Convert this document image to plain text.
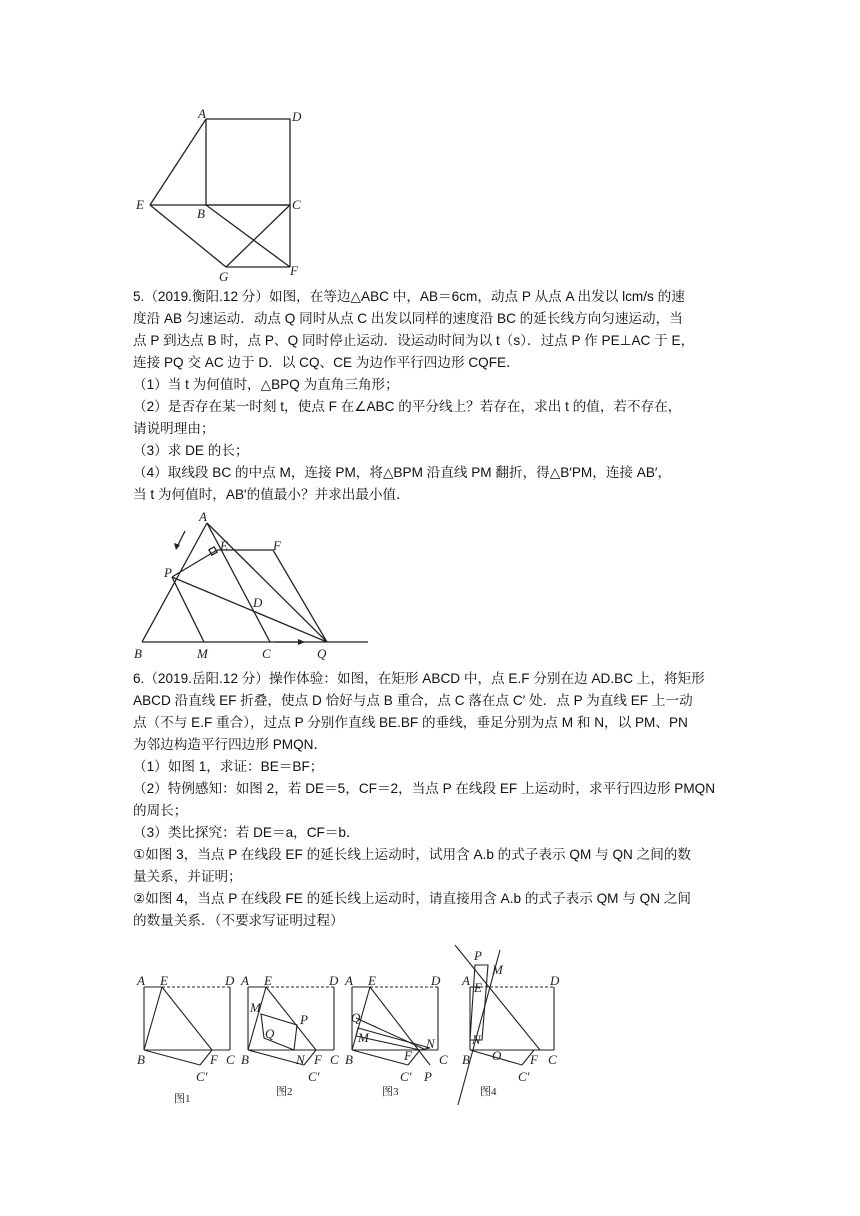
A	D
E
B
C
G	F
5.（2019.衡阳.12 分）如图，在等边△ABC 中，AB＝6cm，动点 P 从点 A 出发以 lcm/s 的速
度沿 AB 匀速运动．动点 Q 同时从点 C 出发以同样的速度沿 BC 的延长线方向匀速运动，当
点 P 到达点 B 时，点 P、Q 同时停止运动．设运动时间为以 t（s）．过点 P 作 PE⊥AC 于 E，
连接 PQ 交 AC 边于 D．以 CQ、CE 为边作平行四边形 CQFE．
（1）当 t 为何值时，△BPQ 为直角三角形；
（2）是否存在某一时刻 t，使点 F 在∠ABC 的平分线上？若存在，求出 t 的值，若不存在，
请说明理由；
（3）求 DE 的长；
（4）取线段 BC 的中点 M，连接 PM，将△BPM 沿直线 PM 翻折，得△B′PM，连接 AB′，
当 t 为何值时，AB'的值最小？并求出最小值．
A
E	F
P
D
B	M	C	Q
6.（2019.岳阳.12 分）操作体验：如图，在矩形 ABCD 中，点 E.F 分别在边 AD.BC 上，将矩形
ABCD 沿直线 EF 折叠，使点 D 恰好与点 B 重合，点 C 落在点 C′ 处．点 P 为直线 EF 上一动
点（不与 E.F 重合），过点 P 分别作直线 BE.BF 的垂线，垂足分别为点 M 和 N，以 PM、PN
为邻边构造平行四边形 PMQN．
（1）如图 1，求证：BE＝BF；
（2）特例感知：如图 2，若 DE＝5，CF＝2，当点 P 在线段 EF 上运动时，求平行四边形 PMQN
的周长；
（3）类比探究：若 DE＝a，CF＝b．
①如图 3，当点 P 在线段 EF 的延长线上运动时，试用含 A.b 的式子表示 QM 与 QN 之间的数
量关系，并证明；
②如图 4，当点 P 在线段 FE 的延长线上运动时，请直接用含 A.b 的式子表示 QM 与 QN 之间
的数量关系．（不要求写证明过程）
A E	D
B	F C
C′
图1
A E	D
M
P
Q
B	N F C
C′
图2
A E	D
Q
M
B	F
N
C
C′ P
图3
P
M
A E	D
N
B O F C
C′
图4
